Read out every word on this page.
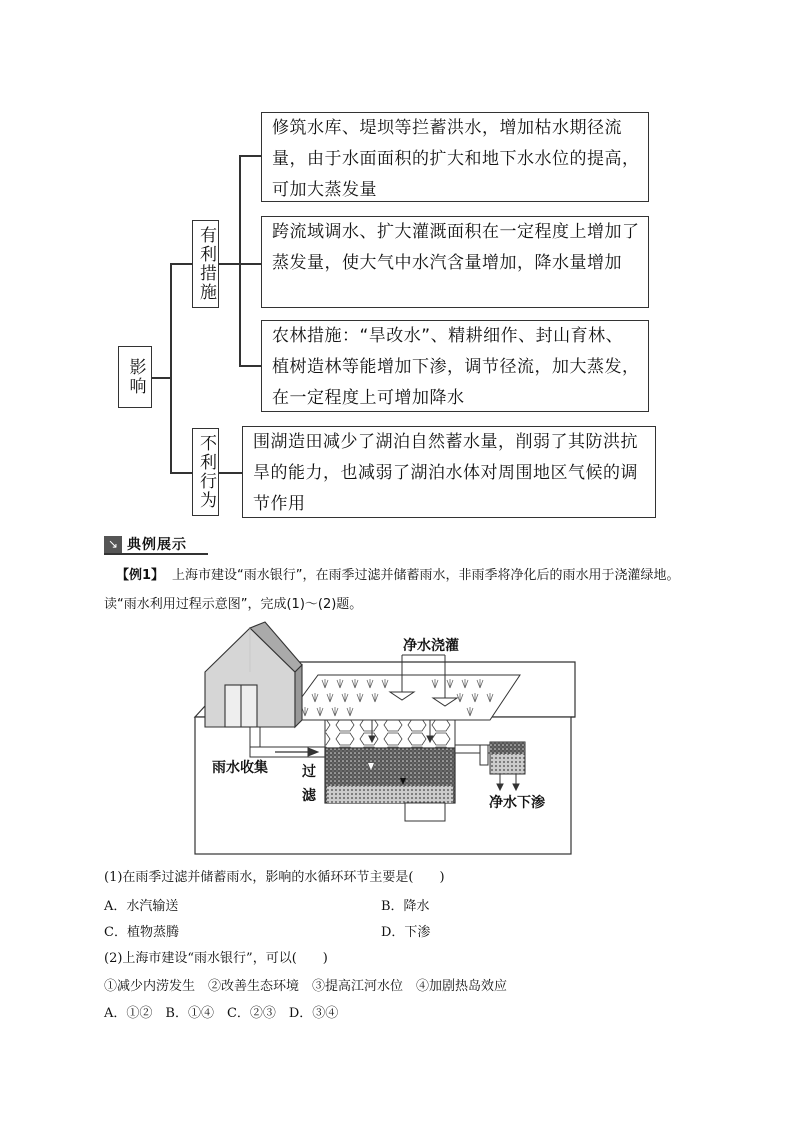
影响
有利措施
不利行为
修筑水库、堤坝等拦蓄洪水，增加枯水期径流量，由于水面面积的扩大和地下水水位的提高，可加大蒸发量
跨流域调水、扩大灌溉面积在一定程度上增加了蒸发量，使大气中水汽含量增加，降水量增加
农林措施：“旱改水”、精耕细作、封山育林、植树造林等能增加下渗，调节径流，加大蒸发，在一定程度上可增加降水
围湖造田减少了湖泊自然蓄水量，削弱了其防洪抗旱的能力，也减弱了湖泊水体对周围地区气候的调节作用
↘ 典例展示
【例1】 上海市建设“雨水银行”，在雨季过滤并储蓄雨水，非雨季将净化后的雨水用于浇灌绿地。
读“雨水利用过程示意图”，完成(1)～(2)题。
净水浇灌
雨水收集 过
滤	净水下渗
(1)在雨季过滤并储蓄雨水，影响的水循环环节主要是(　　)
A．水汽输送	B．降水
C．植物蒸腾	D．下渗
(2)上海市建设“雨水银行”，可以(　　)
①减少内涝发生　②改善生态环境　③提高江河水位　④加剧热岛效应
A．①②　B．①④　C．②③　D．③④
